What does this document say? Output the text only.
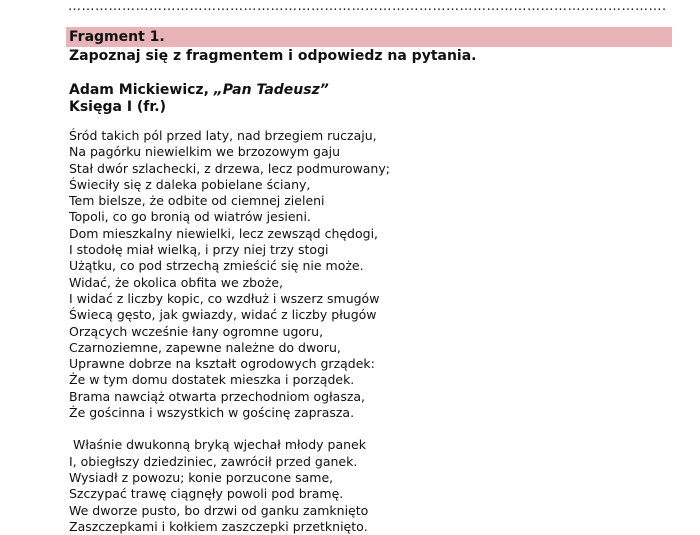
…………………………………………………………………………………………………………………….
Fragment 1.
Zapoznaj się z fragmentem i odpowiedz na pytania.
Adam Mickiewicz, „Pan Tadeusz”
Księga I (fr.)
Śród takich pól przed laty, nad brzegiem ruczaju,
Na pagórku niewielkim we brzozowym gaju
Stał dwór szlachecki, z drzewa, lecz podmurowany;
Świeciły się z daleka pobielane ściany,
Tem bielsze, że odbite od ciemnej zieleni
Topoli, co go bronią od wiatrów jesieni.
Dom mieszkalny niewielki, lecz zewsząd chędogi,
I stodołę miał wielką, i przy niej trzy stogi
Użątku, co pod strzechą zmieścić się nie może.
Widać, że okolica obfita we zboże,
I widać z liczby kopic, co wzdłuż i wszerz smugów
Świecą gęsto, jak gwiazdy, widać z liczby pługów
Orzących wcześnie łany ogromne ugoru,
Czarnoziemne, zapewne należne do dworu,
Uprawne dobrze na kształt ogrodowych grządek:
Że w tym domu dostatek mieszka i porządek.
Brama nawciąż otwarta przechodniom ogłasza,
Że gościnna i wszystkich w gościnę zaprasza.
Właśnie dwukonną bryką wjechał młody panek
I, obiegłszy dziedziniec, zawrócił przed ganek.
Wysiadł z powozu; konie porzucone same,
Szczypać trawę ciągnęły powoli pod bramę.
We dworze pusto, bo drzwi od ganku zamknięto
Zaszczepkami i kołkiem zaszczepki przetknięto.
